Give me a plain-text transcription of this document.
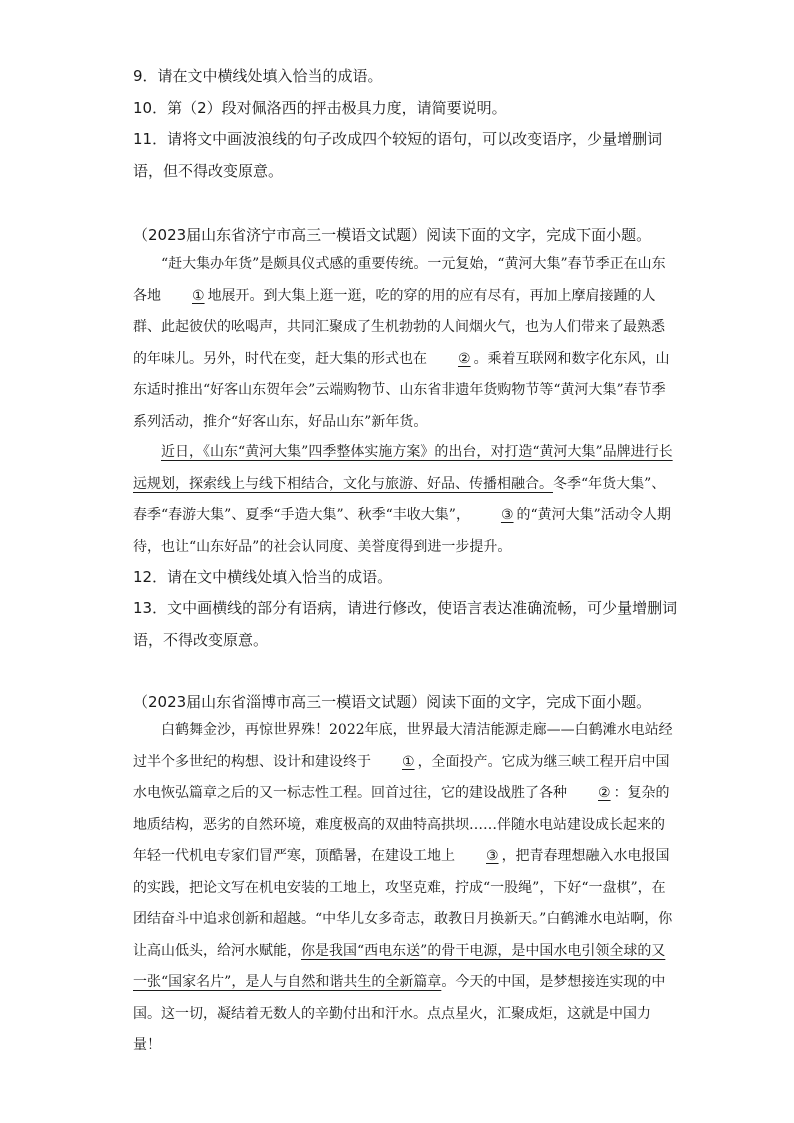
9．请在文中横线处填入恰当的成语。
10．第（2）段对佩洛西的抨击极具力度，请简要说明。
11．请将文中画波浪线的句子改成四个较短的语句，可以改变语序，少量增删词语，但不得改变原意。
（2023届山东省济宁市高三一模语文试题）阅读下面的文字，完成下面小题。
“赶大集办年货”是颇具仪式感的重要传统。一元复始，“黄河大集”春节季正在山东各地 ① 地展开。到大集上逛一逛，吃的穿的用的应有尽有，再加上摩肩接踵的人群、此起彼伏的吆喝声，共同汇聚成了生机勃勃的人间烟火气，也为人们带来了最熟悉的年味儿。另外，时代在变，赶大集的形式也在 ② 。乘着互联网和数字化东风，山东适时推出“好客山东贺年会”云端购物节、山东省非遗年货购物节等“黄河大集”春节季系列活动，推介“好客山东，好品山东”新年货。
近日，《山东“黄河大集”四季整体实施方案》的出台，对打造“黄河大集”品牌进行长远规划，探索线上与线下相结合，文化与旅游、好品、传播相融合。冬季“年货大集”、春季“春游大集”、夏季“手造大集”、秋季“丰收大集”， ③ 的“黄河大集”活动令人期待，也让“山东好品”的社会认同度、美誉度得到进一步提升。
12．请在文中横线处填入恰当的成语。
13．文中画横线的部分有语病，请进行修改，使语言表达准确流畅，可少量增删词语，不得改变原意。
（2023届山东省淄博市高三一模语文试题）阅读下面的文字，完成下面小题。
白鹤舞金沙，再惊世界殊！2022年底，世界最大清洁能源走廊——白鹤滩水电站经过半个多世纪的构想、设计和建设终于 ① ，全面投产。它成为继三峡工程开启中国水电恢弘篇章之后的又一标志性工程。回首过往，它的建设战胜了各种 ② ：复杂的地质结构，恶劣的自然环境，难度极高的双曲特高拱坝……伴随水电站建设成长起来的年轻一代机电专家们冒严寒，顶酷暑，在建设工地上 ③ ，把青春理想融入水电报国的实践，把论文写在机电安装的工地上，攻坚克难，拧成“一股绳”，下好“一盘棋”，在团结奋斗中追求创新和超越。“中华儿女多奇志，敢教日月换新天。”白鹤滩水电站啊，你让高山低头，给河水赋能，你是我国“西电东送”的骨干电源，是中国水电引领全球的又一张“国家名片”，是人与自然和谐共生的全新篇章。今天的中国，是梦想接连实现的中国。这一切，凝结着无数人的辛勤付出和汗水。点点星火，汇聚成炬，这就是中国力量！
